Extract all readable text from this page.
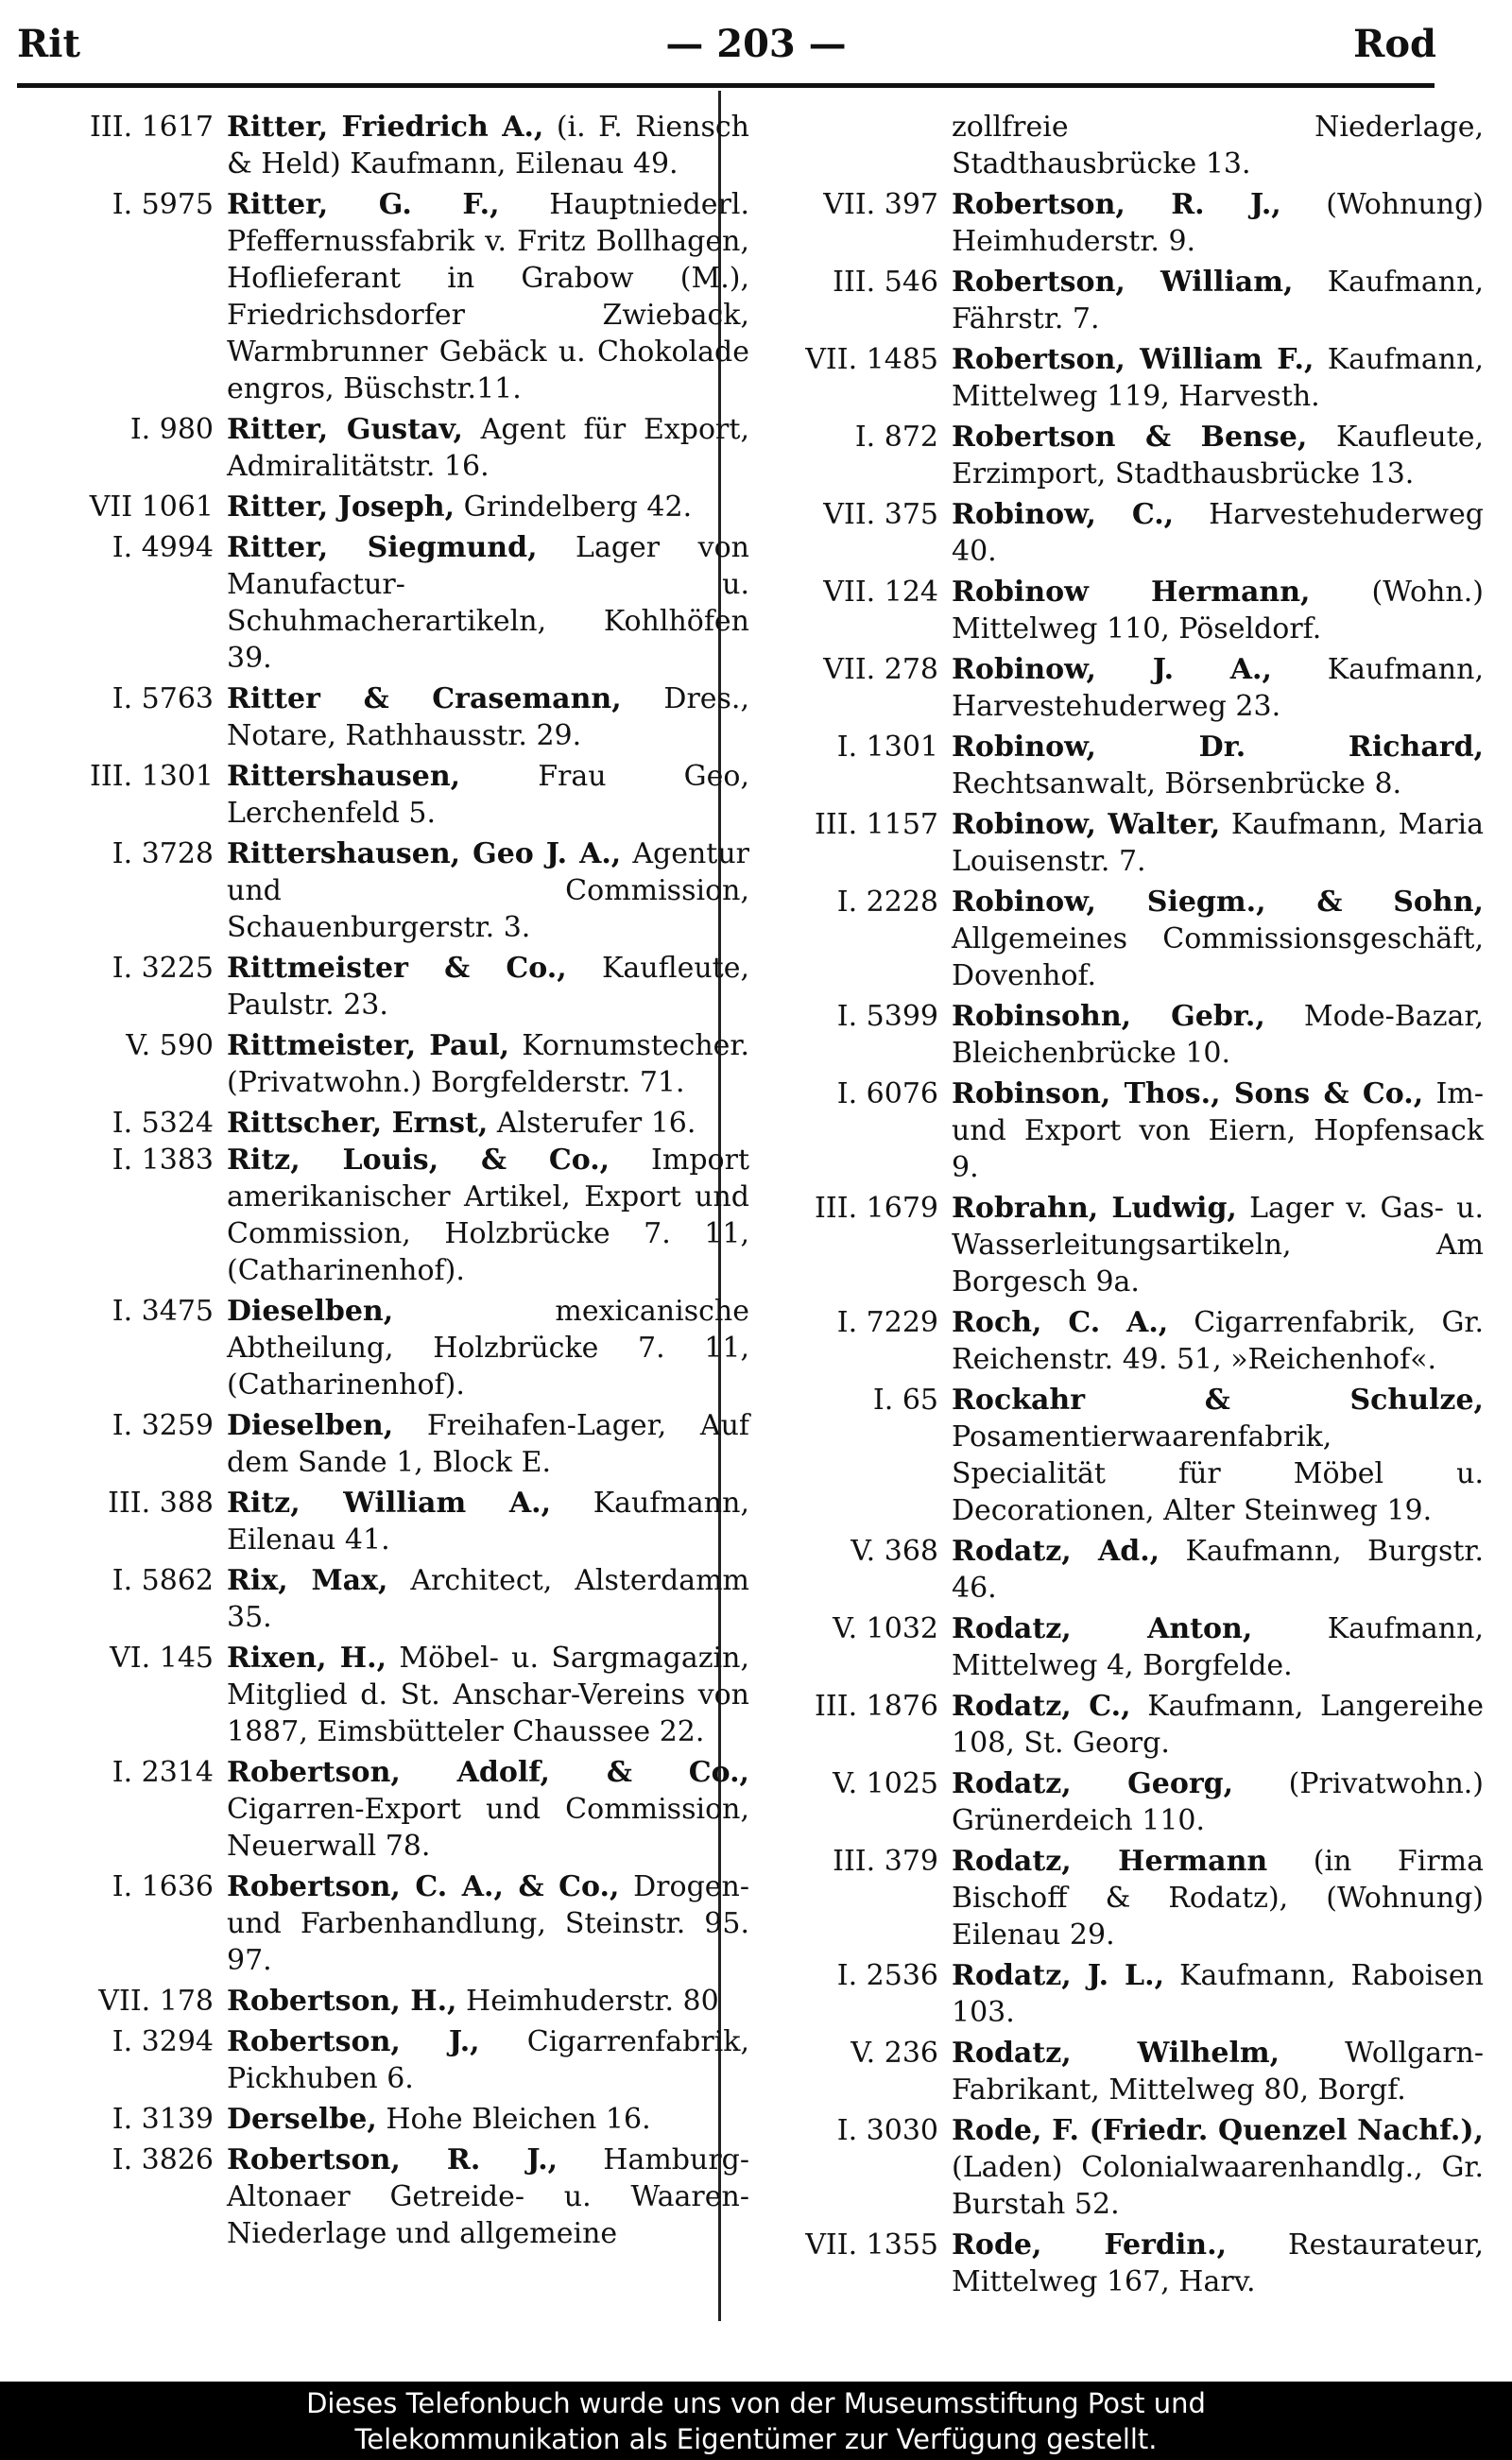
Rit	— 203 —	Rod
III. 1617 Ritter, Friedrich A., (i. F. Riensch & Held) Kaufmann, Eilenau 49.
I. 5975 Ritter, G. F., Hauptniederl. Pfeffernussfabrik v. Fritz Bollhagen, Hoflieferant in Grabow (M.), Friedrichsdorfer Zwieback, Warmbrunner Gebäck u. Chokolade engros, Büschstr.11.
I. 980 Ritter, Gustav, Agent für Export, Admiralitätstr. 16.
VII 1061 Ritter, Joseph, Grindelberg 42.
I. 4994 Ritter, Siegmund, Lager von Manufactur- u. Schuhmacherartikeln, Kohlhöfen 39.
I. 5763 Ritter & Crasemann, Dres., Notare, Rathhausstr. 29.
III. 1301 Rittershausen, Frau Geo, Lerchenfeld 5.
I. 3728 Rittershausen, Geo J. A., Agentur und Commission, Schauenburgerstr. 3.
I. 3225 Rittmeister & Co., Kaufleute, Paulstr. 23.
V. 590 Rittmeister, Paul, Kornumstecher. (Privatwohn.) Borgfelderstr. 71.
I. 5324 Rittscher, Ernst, Alsterufer 16.
I. 1383 Ritz, Louis, & Co., Import amerikanischer Artikel, Export und Commission, Holzbrücke 7. 11, (Catharinenhof).
I. 3475 Dieselben, mexicanische Abtheilung, Holzbrücke 7. 11, (Catharinenhof).
I. 3259 Dieselben, Freihafen-Lager, Auf dem Sande 1, Block E.
III. 388 Ritz, William A., Kaufmann, Eilenau 41.
I. 5862 Rix, Max, Architect, Alsterdamm 35.
VI. 145 Rixen, H., Möbel- u. Sargmagazin, Mitglied d. St. Anschar-Vereins von 1887, Eimsbütteler Chaussee 22.
I. 2314 Robertson, Adolf, & Co., Cigarren-Export und Commission, Neuerwall 78.
I. 1636 Robertson, C. A., & Co., Drogen- und Farbenhandlung, Steinstr. 95. 97.
VII. 178 Robertson, H., Heimhuderstr. 80
I. 3294 Robertson, J., Cigarrenfabrik, Pickhuben 6.
I. 3139 Derselbe, Hohe Bleichen 16.
I. 3826 Robertson, R. J., Hamburg-Altonaer Getreide- u. Waaren-Niederlage und allgemeine
zollfreie Niederlage, Stadthausbrücke 13.
VII. 397 Robertson, R. J., (Wohnung) Heimhuderstr. 9.
III. 546 Robertson, William, Kaufmann, Fährstr. 7.
VII. 1485 Robertson, William F., Kaufmann, Mittelweg 119, Harvesth.
I. 872 Robertson & Bense, Kaufleute, Erzimport, Stadthausbrücke 13.
VII. 375 Robinow, C., Harvestehuderweg 40.
VII. 124 Robinow Hermann, (Wohn.) Mittelweg 110, Pöseldorf.
VII. 278 Robinow, J. A., Kaufmann, Harvestehuderweg 23.
I. 1301 Robinow, Dr. Richard, Rechtsanwalt, Börsenbrücke 8.
III. 1157 Robinow, Walter, Kaufmann, Maria Louisenstr. 7.
I. 2228 Robinow, Siegm., & Sohn, Allgemeines Commissionsgeschäft, Dovenhof.
I. 5399 Robinsohn, Gebr., Mode-Bazar, Bleichenbrücke 10.
I. 6076 Robinson, Thos., Sons & Co., Im- und Export von Eiern, Hopfensack 9.
III. 1679 Robrahn, Ludwig, Lager v. Gas- u. Wasserleitungsartikeln, Am Borgesch 9a.
I. 7229 Roch, C. A., Cigarrenfabrik, Gr. Reichenstr. 49. 51, »Reichenhof«.
I. 65 Rockahr & Schulze, Posamentierwaarenfabrik, Specialität für Möbel u. Decorationen, Alter Steinweg 19.
V. 368 Rodatz, Ad., Kaufmann, Burgstr. 46.
V. 1032 Rodatz, Anton, Kaufmann, Mittelweg 4, Borgfelde.
III. 1876 Rodatz, C., Kaufmann, Langereihe 108, St. Georg.
V. 1025 Rodatz, Georg, (Privatwohn.) Grünerdeich 110.
III. 379 Rodatz, Hermann (in Firma Bischoff & Rodatz), (Wohnung) Eilenau 29.
I. 2536 Rodatz, J. L., Kaufmann, Raboisen 103.
V. 236 Rodatz, Wilhelm, Wollgarn-Fabrikant, Mittelweg 80, Borgf.
I. 3030 Rode, F. (Friedr. Quenzel Nachf.), (Laden) Colonialwaarenhandlg., Gr. Burstah 52.
VII. 1355 Rode, Ferdin., Restaurateur, Mittelweg 167, Harv.
Dieses Telefonbuch wurde uns von der Museumsstiftung Post und
Telekommunikation als Eigentümer zur Verfügung gestellt.
